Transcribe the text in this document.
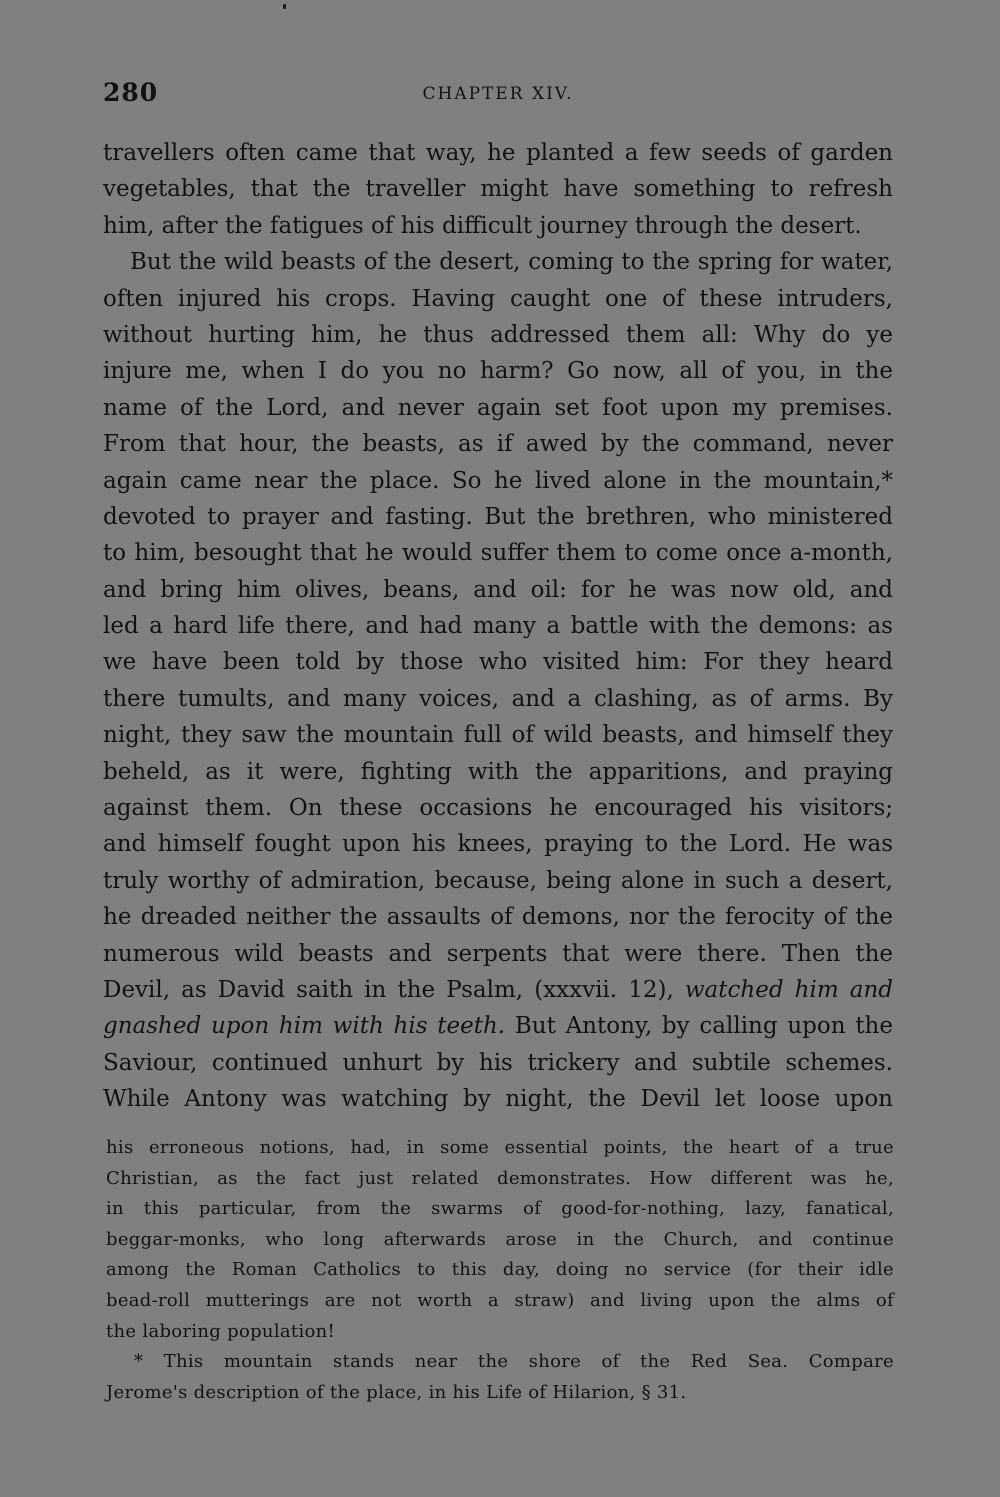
280	CHAPTER XIV.
travellers often came that way, he planted a few seeds of garden
vegetables, that the traveller might have something to refresh
him, after the fatigues of his difficult journey through the desert.
But the wild beasts of the desert, coming to the spring for water,
often injured his crops. Having caught one of these intruders,
without hurting him, he thus addressed them all: Why do ye
injure me, when I do you no harm? Go now, all of you, in the
name of the Lord, and never again set foot upon my premises.
From that hour, the beasts, as if awed by the command, never
again came near the place. So he lived alone in the mountain,*
devoted to prayer and fasting. But the brethren, who ministered
to him, besought that he would suffer them to come once a-month,
and bring him olives, beans, and oil: for he was now old, and
led a hard life there, and had many a battle with the demons: as
we have been told by those who visited him: For they heard
there tumults, and many voices, and a clashing, as of arms. By
night, they saw the mountain full of wild beasts, and himself they
beheld, as it were, fighting with the apparitions, and praying
against them. On these occasions he encouraged his visitors;
and himself fought upon his knees, praying to the Lord. He was
truly worthy of admiration, because, being alone in such a desert,
he dreaded neither the assaults of demons, nor the ferocity of the
numerous wild beasts and serpents that were there. Then the
Devil, as David saith in the Psalm, (xxxvii. 12), watched him and
gnashed upon him with his teeth. But Antony, by calling upon the
Saviour, continued unhurt by his trickery and subtile schemes.
While Antony was watching by night, the Devil let loose upon
his erroneous notions, had, in some essential points, the heart of a true
Christian, as the fact just related demonstrates. How different was he,
in this particular, from the swarms of good-for-nothing, lazy, fanatical,
beggar-monks, who long afterwards arose in the Church, and continue
among the Roman Catholics to this day, doing no service (for their idle
bead-roll mutterings are not worth a straw) and living upon the alms of
the laboring population!
* This mountain stands near the shore of the Red Sea. Compare
Jerome's description of the place, in his Life of Hilarion, § 31.
